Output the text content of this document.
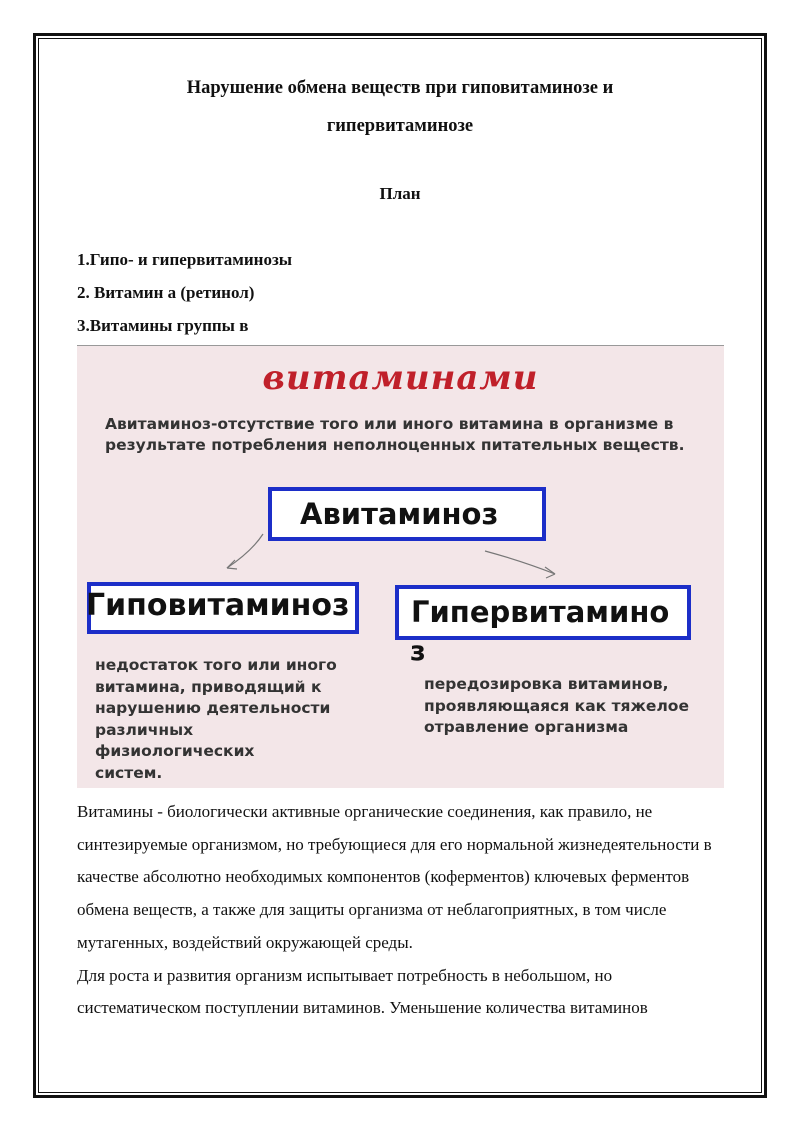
Нарушение обмена веществ при гиповитаминозе и
гипервитаминозе
План
1.Гипо- и гипервитаминозы
2. Витамин а (ретинол)
3.Витамины группы в
витаминами
Авитаминоз-отсутствие того или иного витамина в организме в результате потребления неполноценных питательных веществ.
Авитаминоз
Гиповитаминоз	Гипервитамино
з
недостаток того или иного
витамина, приводящий к
нарушению деятельности
различных
физиологических
систем.
передозировка витаминов,
проявляющаяся как тяжелое
отравление организма

Витамины - биологически активные органические соединения, как правило, не синтезируемые организмом, но требующиеся для его нормальной жизнедеятельности в качестве абсолютно необходимых компонентов (коферментов) ключевых ферментов обмена веществ, а также для защиты организма от неблагоприятных, в том числе мутагенных, воздействий окружающей среды.

Для роста и развития организм испытывает потребность в небольшом, но систематическом поступлении витаминов. Уменьшение количества витаминов
